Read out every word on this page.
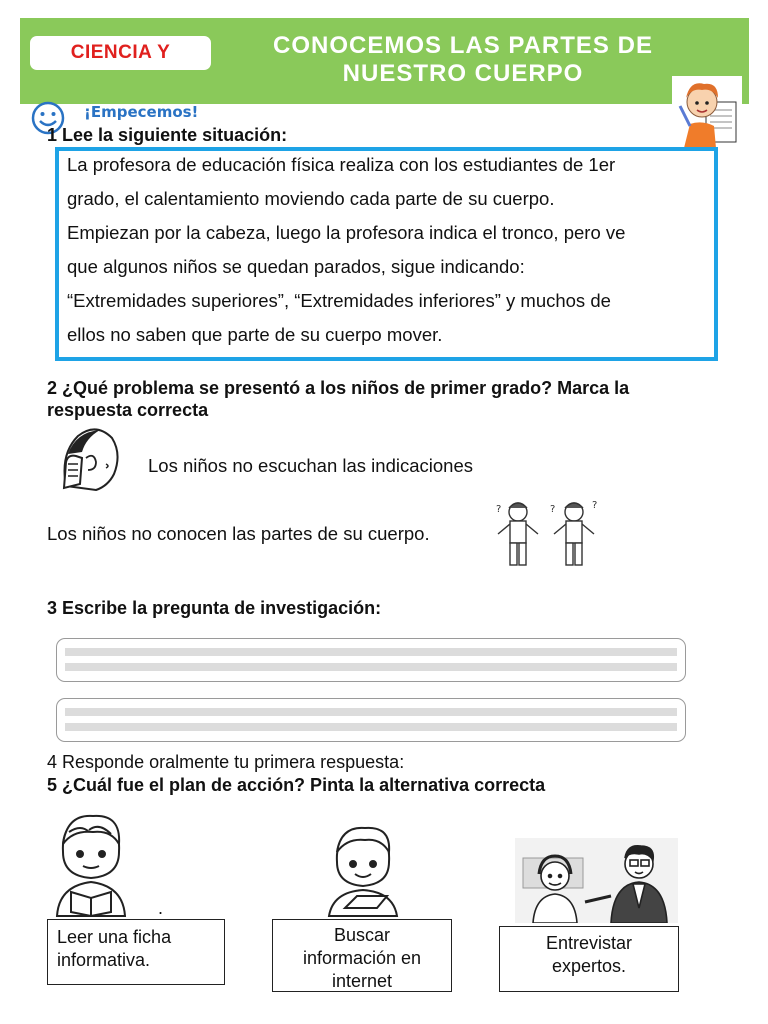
CIENCIA Y	CONOCEMOS LAS PARTES DE
NUESTRO CUERPO
¡Empecemos!
1 Lee la siguiente situación:
La profesora de educación física realiza con los estudiantes de 1er
grado, el calentamiento moviendo cada parte de su cuerpo.
Empiezan por la cabeza, luego la profesora indica el tronco, pero ve
que algunos niños se quedan parados, sigue indicando:
“Extremidades superiores”, “Extremidades inferiores” y muchos de
ellos no saben que parte de su cuerpo mover.
2 ¿Qué problema se presentó a los niños de primer grado? Marca la
respuesta correcta
Los niños no escuchan las indicaciones
Los niños no conocen las partes de su cuerpo.
?	?	?
3 Escribe la pregunta de investigación:
4 Responde oralmente tu primera respuesta:
5 ¿Cuál fue el plan de acción? Pinta la alternativa correcta
.
Leer una ficha
informativa.
Buscar
información en
internet
Entrevistar
expertos.
